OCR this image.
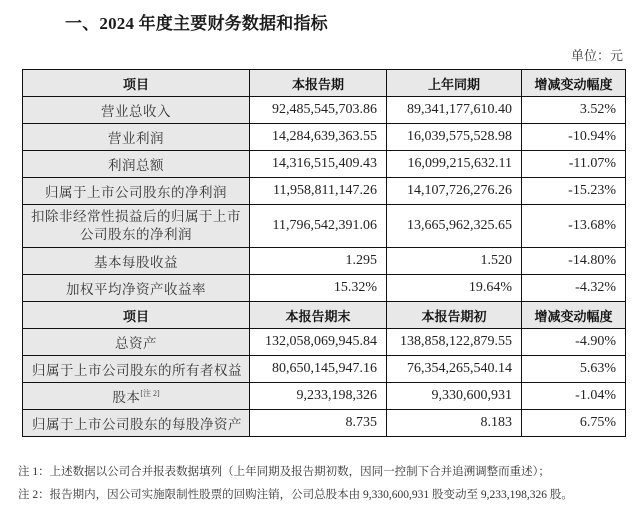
一、2024 年度主要财务数据和指标
单位：元
项目	本报告期	上年同期	增减变动幅度
营业总收入	92,485,545,703.86	89,341,177,610.40	3.52%
营业利润	14,284,639,363.55	16,039,575,528.98	-10.94%
利润总额	14,316,515,409.43	16,099,215,632.11	-11.07%
归属于上市公司股东的净利润	11,958,811,147.26	14,107,726,276.26	-15.23%
扣除非经常性损益后的归属于上市公司股东的净利润	11,796,542,391.06	13,665,962,325.65	-13.68%
基本每股收益	1.295	1.520	-14.80%
加权平均净资产收益率	15.32%	19.64%	-4.32%
项目	本报告期末	本报告期初	增减变动幅度
总资产	132,058,069,945.84	138,858,122,879.55	-4.90%
归属于上市公司股东的所有者权益	80,650,145,947.16	76,354,265,540.14	5.63%
股本[注 2]	9,233,198,326	9,330,600,931	-1.04%
归属于上市公司股东的每股净资产	8.735	8.183	6.75%
注 1：上述数据以公司合并报表数据填列（上年同期及报告期初数，因同一控制下合并追溯调整而重述）；
注 2：报告期内，因公司实施限制性股票的回购注销，公司总股本由 9,330,600,931 股变动至 9,233,198,326 股。
